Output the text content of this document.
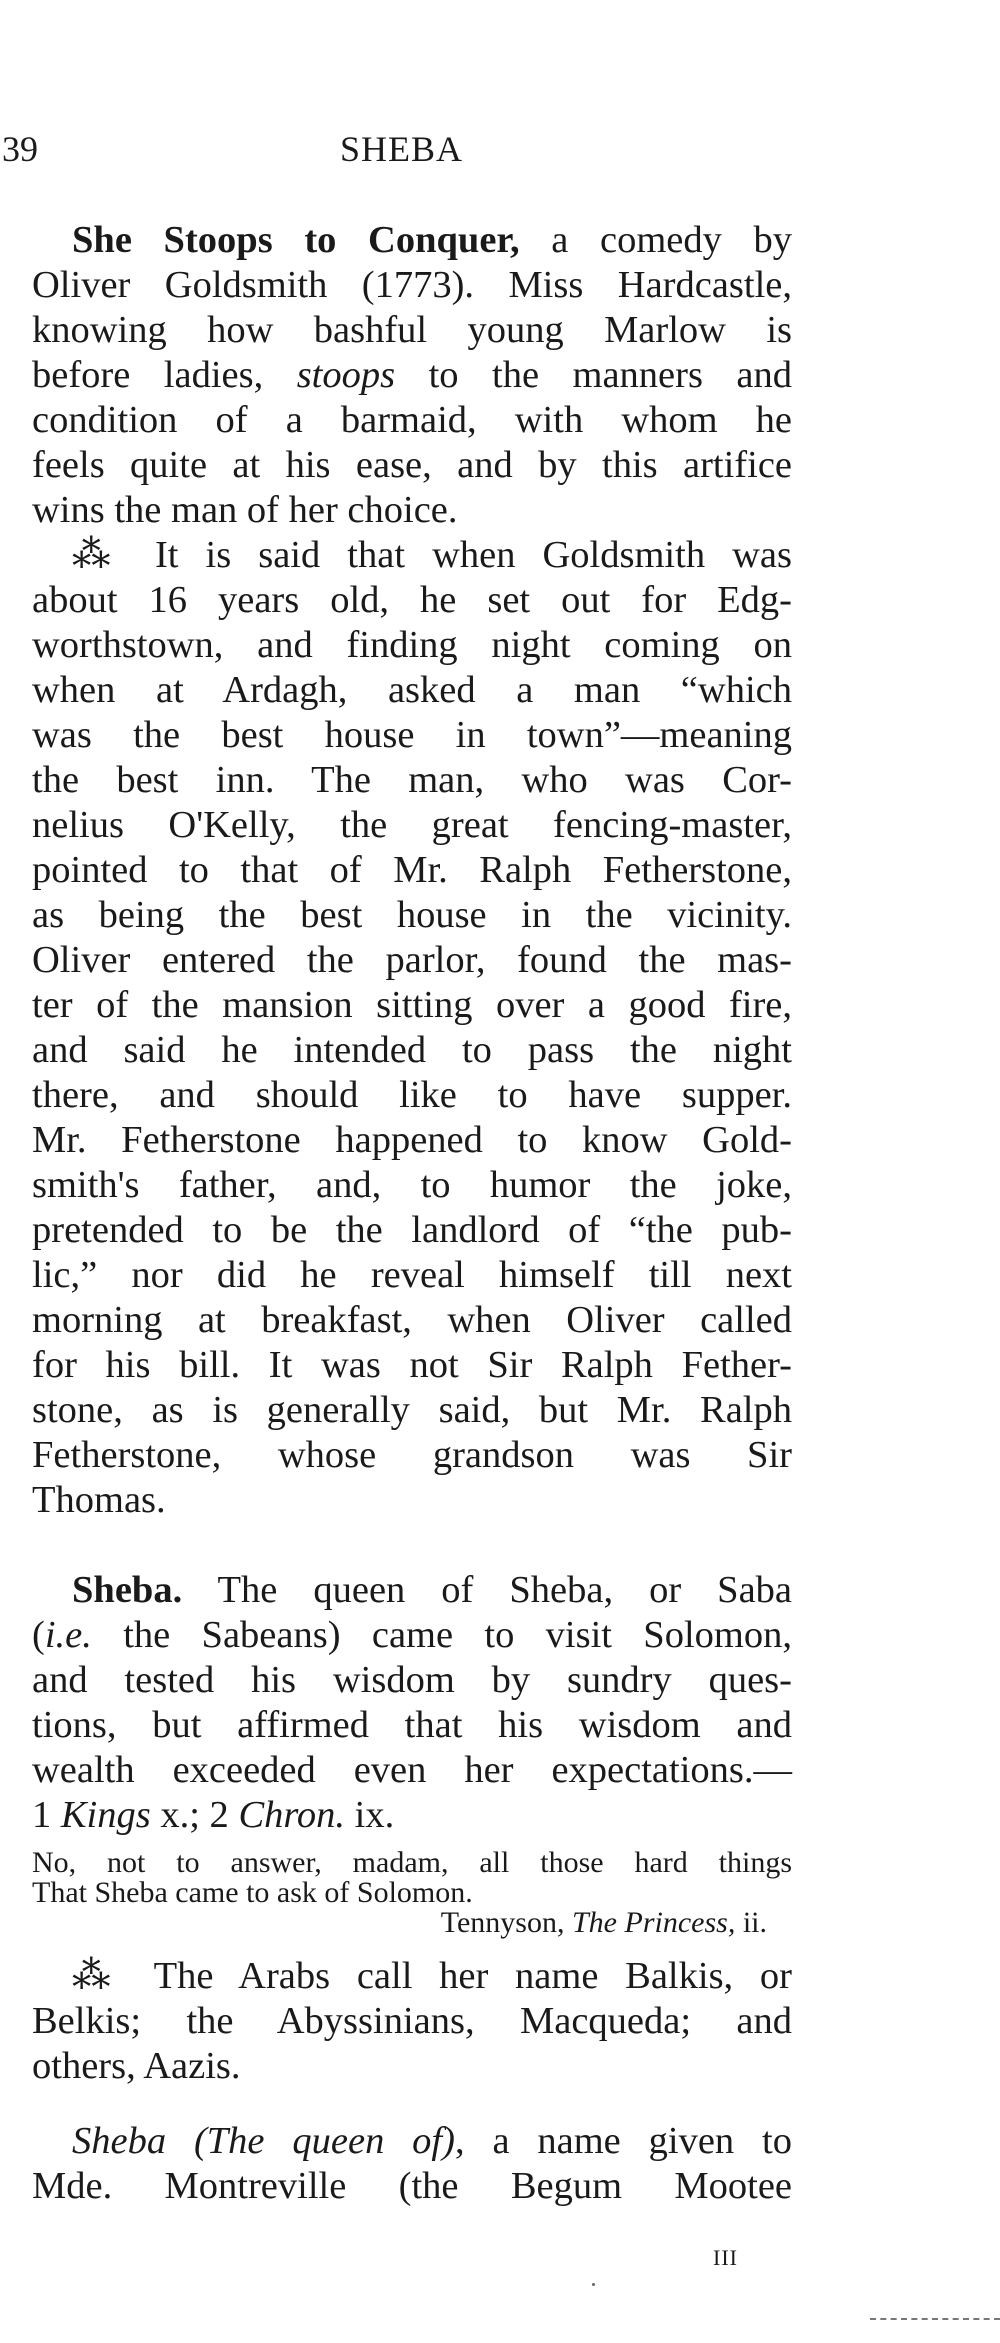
39	SHEBA
She Stoops to Conquer, a comedy by
Oliver Goldsmith (1773). Miss Hardcastle,
knowing how bashful young Marlow is
before ladies, stoops to the manners and
condition of a barmaid, with whom he
feels quite at his ease, and by this artifice
wins the man of her choice.
⁂ It is said that when Goldsmith was
about 16 years old, he set out for Edg-
worthstown, and finding night coming on
when at Ardagh, asked a man “which
was the best house in town”—meaning
the best inn. The man, who was Cor-
nelius O'Kelly, the great fencing-master,
pointed to that of Mr. Ralph Fetherstone,
as being the best house in the vicinity.
Oliver entered the parlor, found the mas-
ter of the mansion sitting over a good fire,
and said he intended to pass the night
there, and should like to have supper.
Mr. Fetherstone happened to know Gold-
smith's father, and, to humor the joke,
pretended to be the landlord of “the pub-
lic,” nor did he reveal himself till next
morning at breakfast, when Oliver called
for his bill. It was not Sir Ralph Fether-
stone, as is generally said, but Mr. Ralph
Fetherstone, whose grandson was Sir
Thomas.
Sheba. The queen of Sheba, or Saba
(i.e. the Sabeans) came to visit Solomon,
and tested his wisdom by sundry ques-
tions, but affirmed that his wisdom and
wealth exceeded even her expectations.—
1 Kings x.; 2 Chron. ix.
No, not to answer, madam, all those hard things
That Sheba came to ask of Solomon.
Tennyson, The Princess, ii.
⁂ The Arabs call her name Balkis, or
Belkis; the Abyssinians, Macqueda; and
others, Aazis.
Sheba (The queen of), a name given to
Mde. Montreville (the Begum Mootee
III
